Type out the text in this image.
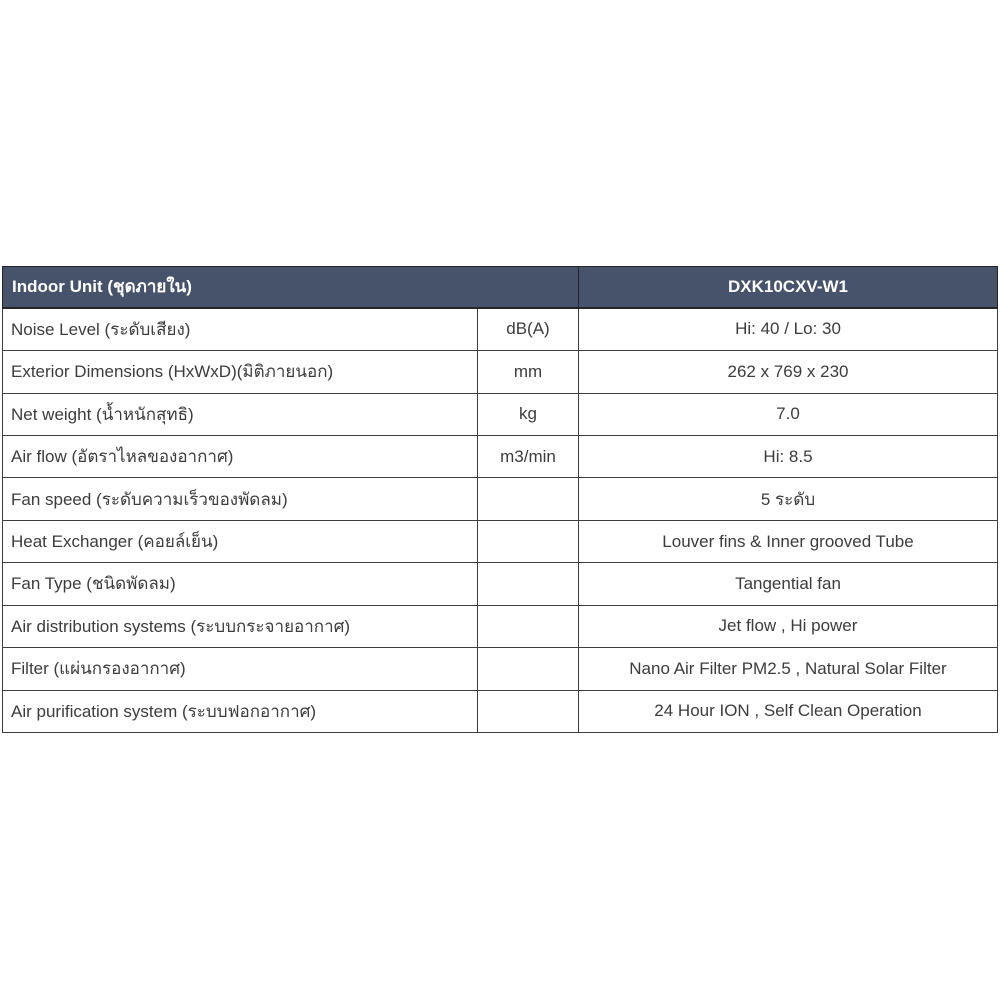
Indoor Unit (ชุดภายใน)		DXK10CXV-W1
Noise Level (ระดับเสียง)	dB(A)	Hi: 40 / Lo: 30
Exterior Dimensions (HxWxD)(มิติภายนอก)	mm	262 x 769 x 230
Net weight (น้ำหนักสุทธิ)	kg	7.0
Air flow (อัตราไหลของอากาศ)	m3/min	Hi: 8.5
Fan speed (ระดับความเร็วของพัดลม)		5 ระดับ
Heat Exchanger (คอยล์เย็น)		Louver fins & Inner grooved Tube
Fan Type (ชนิดพัดลม)		Tangential fan
Air distribution systems (ระบบกระจายอากาศ)		Jet flow , Hi power
Filter (แผ่นกรองอากาศ)		Nano Air Filter PM2.5 , Natural Solar Filter
Air purification system (ระบบฟอกอากาศ)		24 Hour ION , Self Clean Operation
